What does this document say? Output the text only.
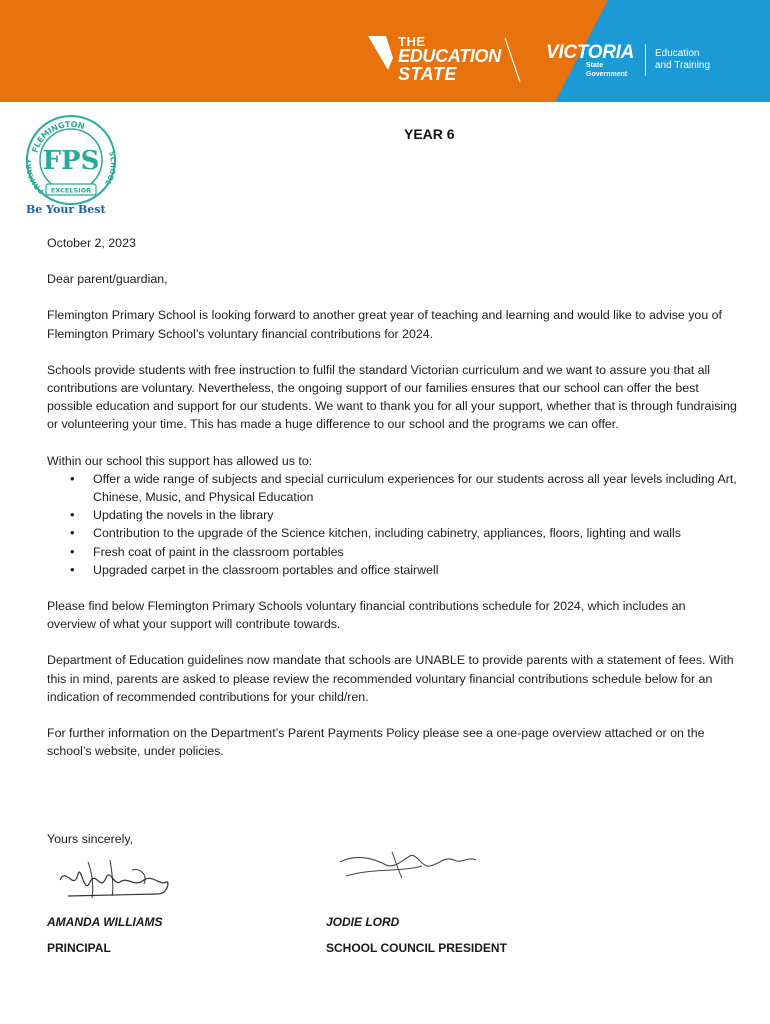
THE
EDUCATION
STATE
VICTORIA
State
Government
Education
and Training
FLEMINGTON
PRIMARY
SCHOOL
EXCELSIOR
FPS
Be Your Best
YEAR 6

October 2, 2023

Dear parent/guardian,

Flemington Primary School is looking forward to another great year of teaching and learning and would like to advise you of Flemington Primary School’s voluntary financial contributions for 2024.

Schools provide students with free instruction to fulfil the standard Victorian curriculum and we want to assure you that all contributions are voluntary. Nevertheless, the ongoing support of our families ensures that our school can offer the best possible education and support for our students. We want to thank you for all your support, whether that is through fundraising or volunteering your time. This has made a huge difference to our school and the programs we can offer.

Within our school this support has allowed us to:

• Offer a wide range of subjects and special curriculum experiences for our students across all year levels including Art, Chinese, Music, and Physical Education
• Updating the novels in the library
• Contribution to the upgrade of the Science kitchen, including cabinetry, appliances, floors, lighting and walls
• Fresh coat of paint in the classroom portables
• Upgraded carpet in the classroom portables and office stairwell

Please find below Flemington Primary Schools voluntary financial contributions schedule for 2024, which includes an overview of what your support will contribute towards.

Department of Education guidelines now mandate that schools are UNABLE to provide parents with a statement of fees. With this in mind, parents are asked to please review the recommended voluntary financial contributions schedule below for an indication of recommended contributions for your child/ren.

For further information on the Department’s Parent Payments Policy please see a one-page overview attached or on the school’s website, under policies.

Yours sincerely,
AMANDA WILLIAMS	JODIE LORD
PRINCIPAL	SCHOOL COUNCIL PRESIDENT
